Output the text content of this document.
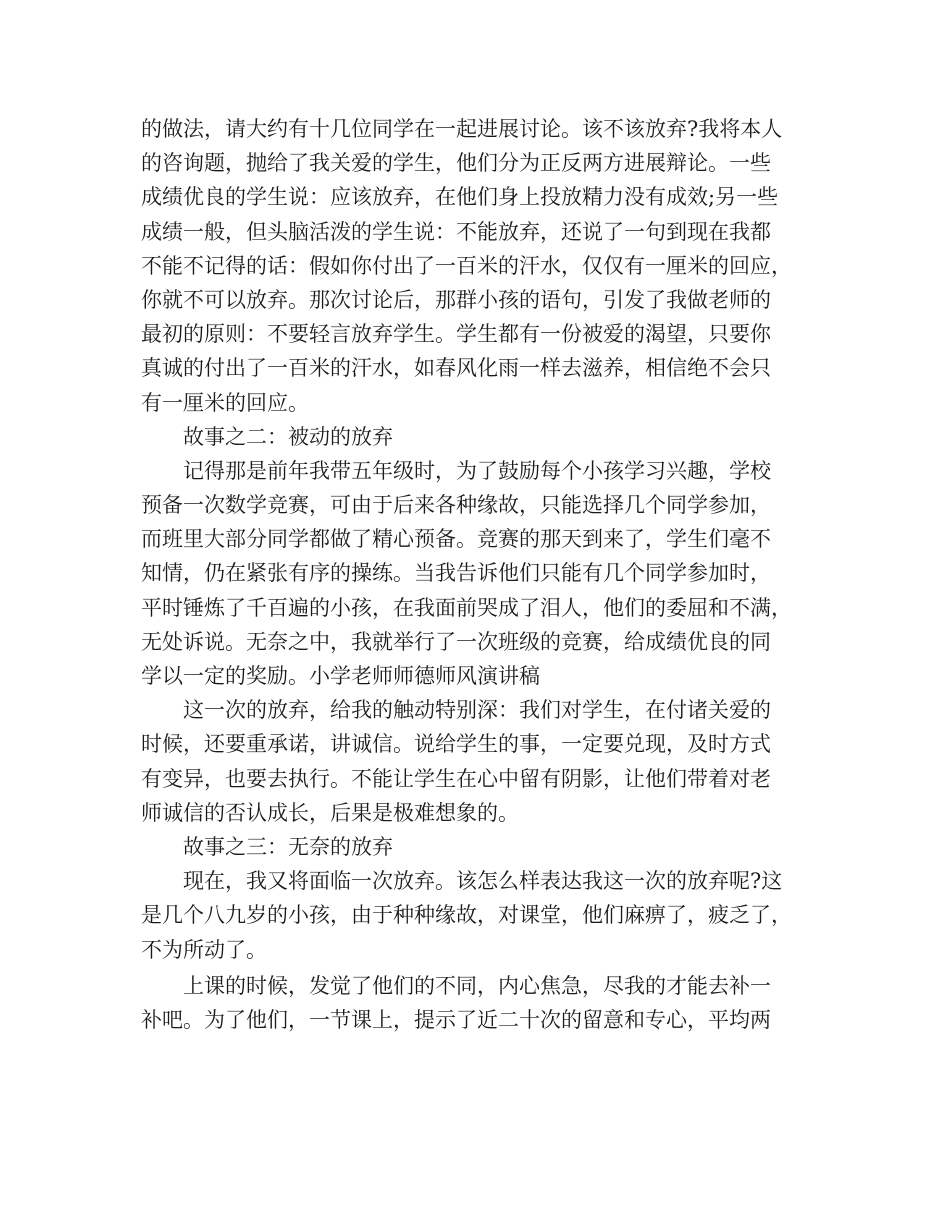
的做法，请大约有十几位同学在一起进展讨论。该不该放弃?我将本人
的咨询题，抛给了我关爱的学生，他们分为正反两方进展辩论。一些
成绩优良的学生说：应该放弃，在他们身上投放精力没有成效;另一些
成绩一般，但头脑活泼的学生说：不能放弃，还说了一句到现在我都
不能不记得的话：假如你付出了一百米的汗水，仅仅有一厘米的回应，
你就不可以放弃。那次讨论后，那群小孩的语句，引发了我做老师的
最初的原则：不要轻言放弃学生。学生都有一份被爱的渴望，只要你
真诚的付出了一百米的汗水，如春风化雨一样去滋养，相信绝不会只
有一厘米的回应。
故事之二：被动的放弃
记得那是前年我带五年级时，为了鼓励每个小孩学习兴趣，学校
预备一次数学竞赛，可由于后来各种缘故，只能选择几个同学参加，
而班里大部分同学都做了精心预备。竞赛的那天到来了，学生们毫不
知情，仍在紧张有序的操练。当我告诉他们只能有几个同学参加时，
平时锤炼了千百遍的小孩，在我面前哭成了泪人，他们的委屈和不满，
无处诉说。无奈之中，我就举行了一次班级的竞赛，给成绩优良的同
学以一定的奖励。小学老师师德师风演讲稿
这一次的放弃，给我的触动特别深：我们对学生，在付诸关爱的
时候，还要重承诺，讲诚信。说给学生的事，一定要兑现，及时方式
有变异，也要去执行。不能让学生在心中留有阴影，让他们带着对老
师诚信的否认成长，后果是极难想象的。
故事之三：无奈的放弃
现在，我又将面临一次放弃。该怎么样表达我这一次的放弃呢?这
是几个八九岁的小孩，由于种种缘故，对课堂，他们麻痹了，疲乏了，
不为所动了。
上课的时候，发觉了他们的不同，内心焦急，尽我的才能去补一
补吧。为了他们，一节课上，提示了近二十次的留意和专心，平均两
